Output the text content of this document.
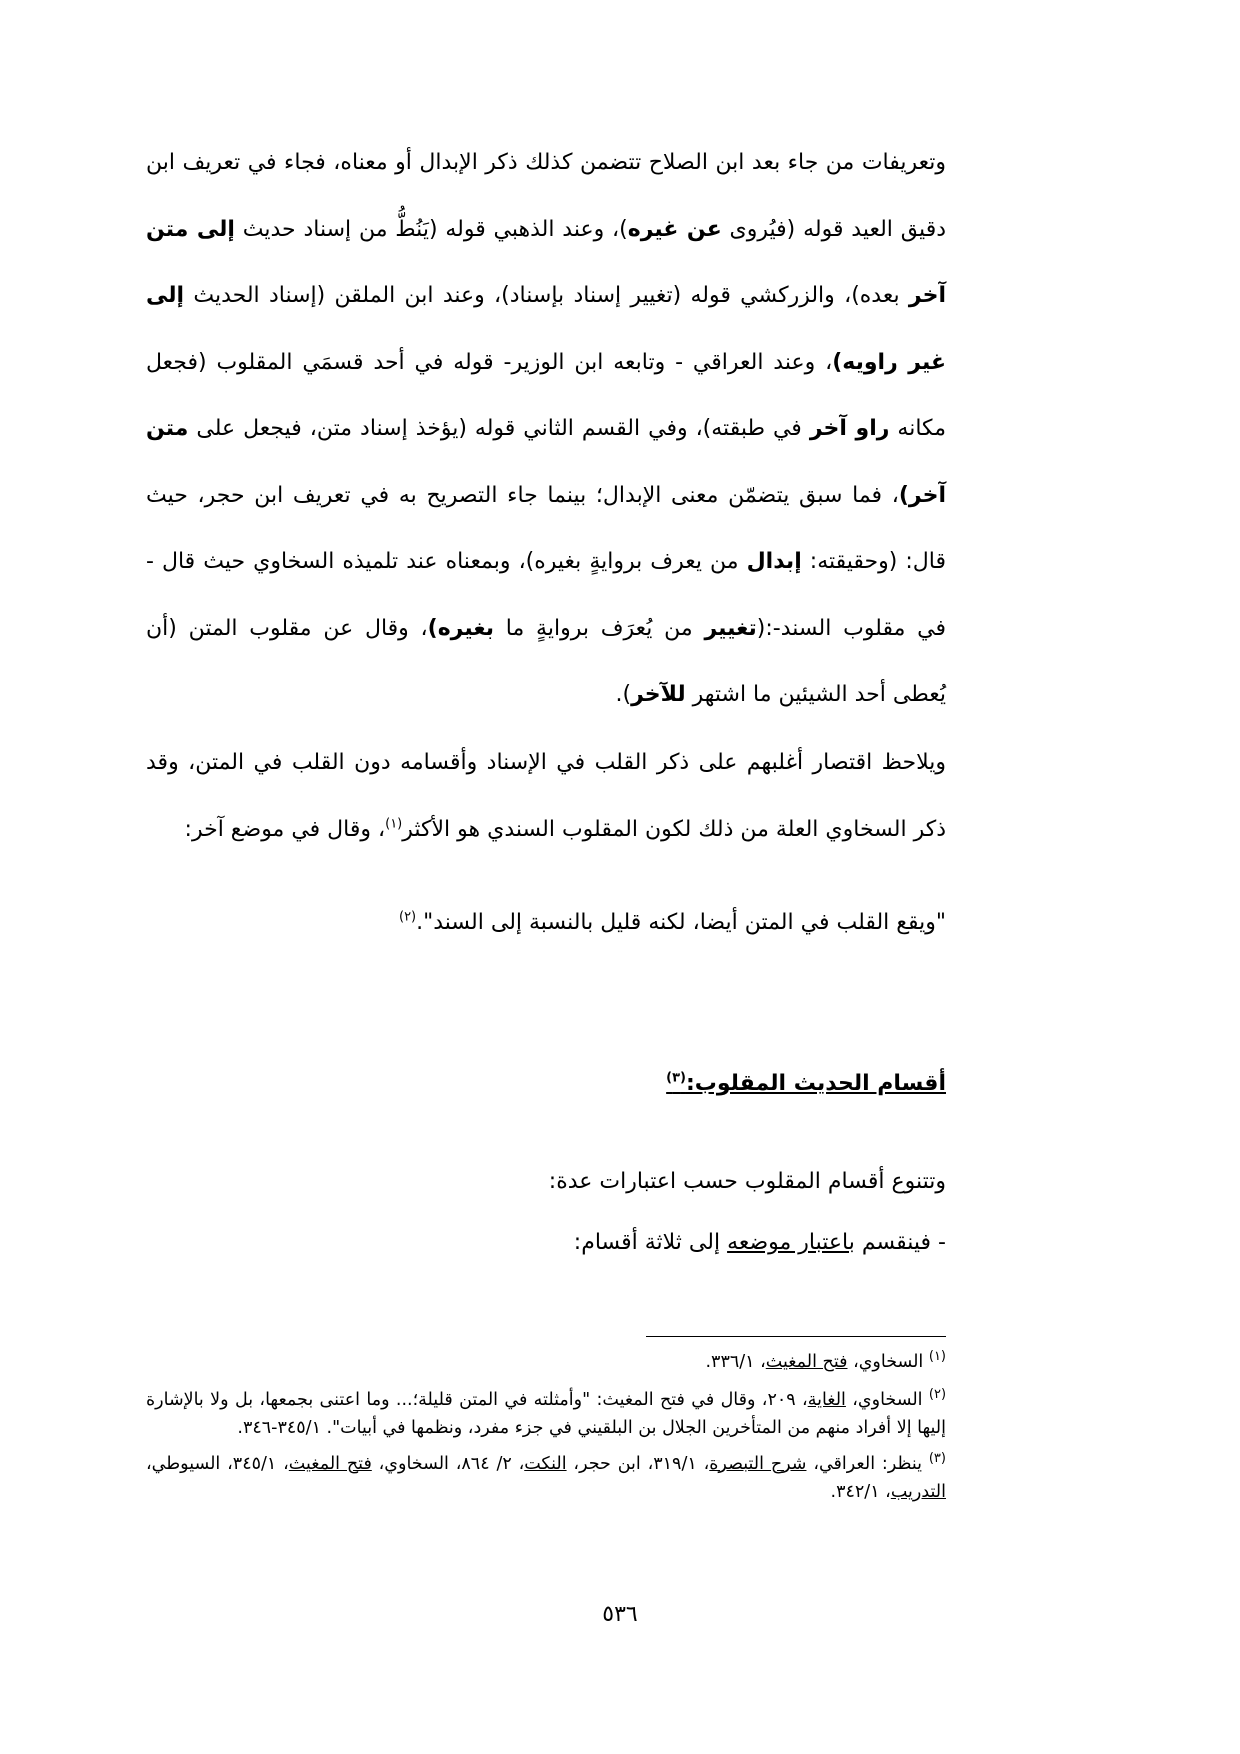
وتعريفات من جاء بعد ابن الصلاح تتضمن كذلك ذكر الإبدال أو معناه، فجاء في تعريف ابن دقيق العيد قوله (فيُروى عن غيره)، وعند الذهبي قوله (يَنُطُّ من إسناد حديث إلى متن آخر بعده)، والزركشي قوله (تغيير إسناد بإسناد)، وعند ابن الملقن (إسناد الحديث إلى غير راويه)، وعند العراقي - وتابعه ابن الوزير- قوله في أحد قسمَي المقلوب (فجعل مكانه راو آخر في طبقته)، وفي القسم الثاني قوله (يؤخذ إسناد متن، فيجعل على متن آخر)، فما سبق يتضمّن معنى الإبدال؛ بينما جاء التصريح به في تعريف ابن حجر، حيث قال: (وحقيقته: إبدال من يعرف بروايةٍ بغيره)، وبمعناه عند تلميذه السخاوي حيث قال - في مقلوب السند-:(تغيير من يُعرَف بروايةٍ ما بغيره)، وقال عن مقلوب المتن (أن يُعطى أحد الشيئين ما اشتهر للآخر).

ويلاحظ اقتصار أغلبهم على ذكر القلب في الإسناد وأقسامه دون القلب في المتن، وقد ذكر السخاوي العلة من ذلك لكون المقلوب السندي هو الأكثر$^{(١)}$، وقال في موضع آخر:

"ويقع القلب في المتن أيضا، لكنه قليل بالنسبة إلى السند".$^{(٢)}$

أقسام الحديث المقلوب:$^{(٣)}$

وتتنوع أقسام المقلوب حسب اعتبارات عدة:

- فينقسم باعتبار موضعه إلى ثلاثة أقسام:

$^{(١)}$ السخاوي، فتح المغيث، ٣٣٦/١.

$^{(٢)}$ السخاوي، الغاية، ٢٠٩، وقال في فتح المغيث: "وأمثلته في المتن قليلة؛... وما اعتنى بجمعها، بل ولا بالإشارة إليها إلا أفراد منهم من المتأخرين الجلال بن البلقيني في جزء مفرد، ونظمها في أبيات". ٣٤٥/١-٣٤٦.

$^{(٣)}$ ينظر: العراقي، شرح التبصرة، ٣١٩/١، ابن حجر، النكت، ٢/ ٨٦٤، السخاوي، فتح المغيث، ٣٤٥/١، السيوطي، التدريب، ٣٤٢/١.

٥٣٦
